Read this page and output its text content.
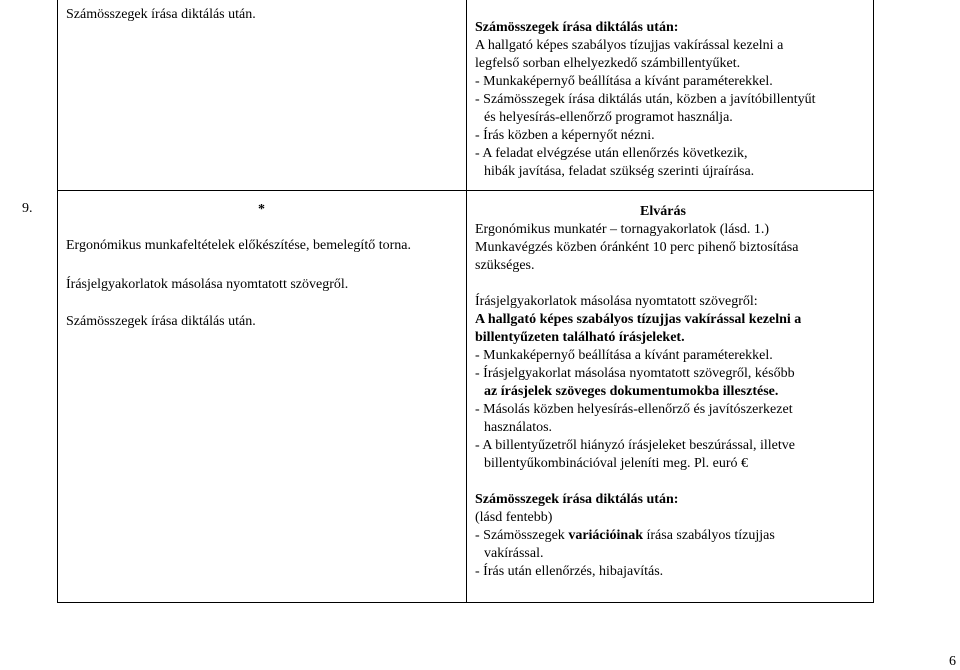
Számösszegek írása diktálás után.
Számösszegek írása diktálás után:
A hallgató képes szabályos tízujjas vakírással kezelni a
legfelső sorban elhelyezkedő számbillentyűket.
- Munkaképernyő beállítása a kívánt paraméterekkel.
- Számösszegek írása diktálás után, közben a javítóbillentyűt
és helyesírás-ellenőrző programot használja.
- Írás közben a képernyőt nézni.
- A feladat elvégzése után ellenőrzés következik,
hibák javítása, feladat szükség szerinti újraírása.
9.	*
Ergonómikus munkafeltételek előkészítése, bemelegítő torna.
Írásjelgyakorlatok másolása nyomtatott szövegről.
Számösszegek írása diktálás után.
Elvárás
Ergonómikus munkatér – tornagyakorlatok (lásd. 1.)
Munkavégzés közben óránként 10 perc pihenő biztosítása
szükséges.
Írásjelgyakorlatok másolása nyomtatott szövegről:
A hallgató képes szabályos tízujjas vakírással kezelni a
billentyűzeten található írásjeleket.
- Munkaképernyő beállítása a kívánt paraméterekkel.
- Írásjelgyakorlat másolása nyomtatott szövegről, később
az írásjelek szöveges dokumentumokba illesztése.
- Másolás közben helyesírás-ellenőrző és javítószerkezet
használatos.
- A billentyűzetről hiányzó írásjeleket beszúrással, illetve
billentyűkombinációval jeleníti meg. Pl. euró €
Számösszegek írása diktálás után:
(lásd fentebb)
- Számösszegek variációinak írása szabályos tízujjas
vakírással.
- Írás után ellenőrzés, hibajavítás.
6
